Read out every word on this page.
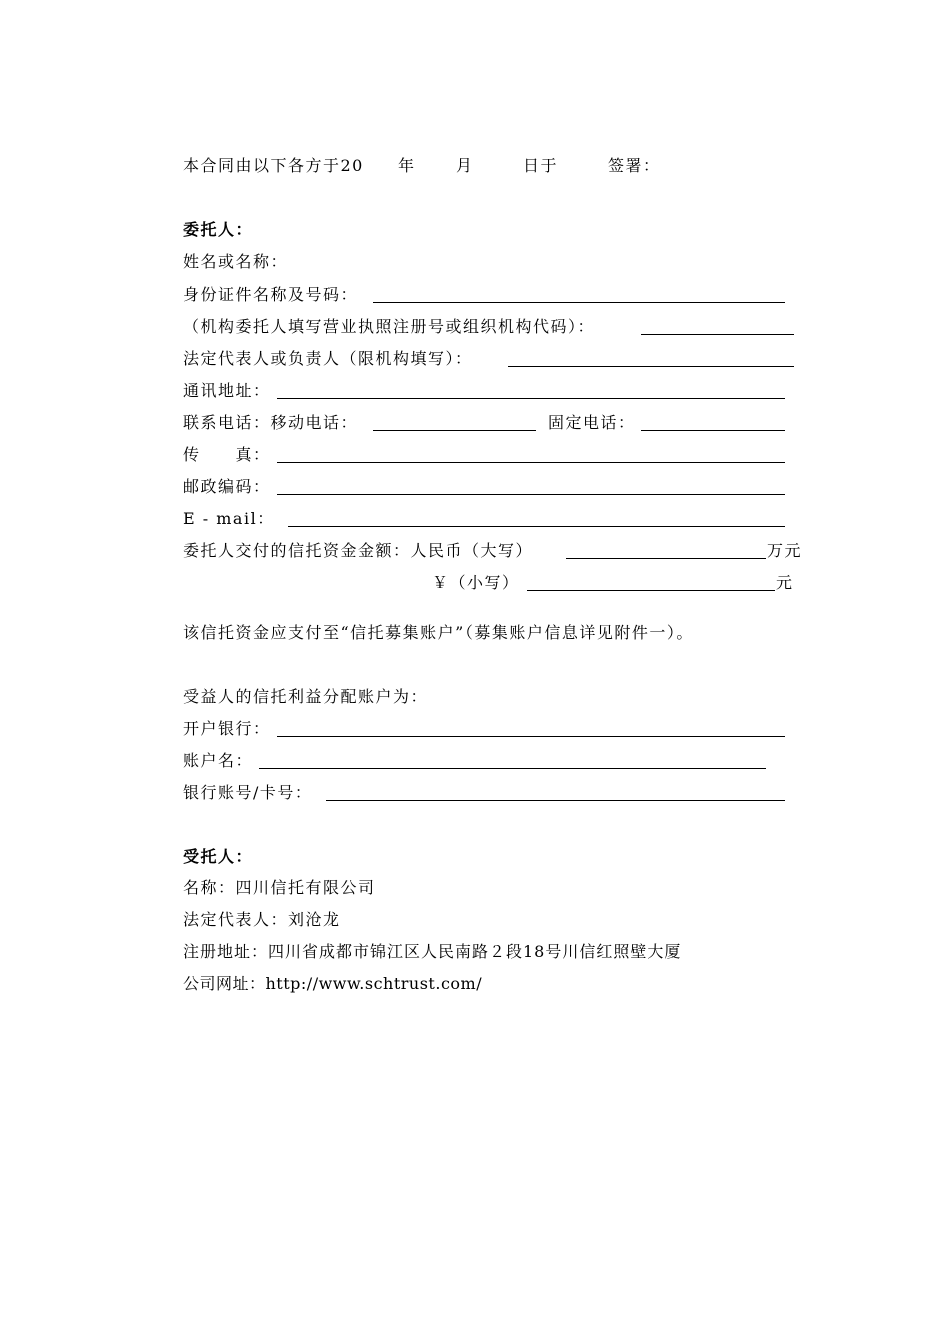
本合同由以下各方于20 年	月	日于	签署：
委托人：
姓名或名称：
身份证件名称及号码：
（机构委托人填写营业执照注册号或组织机构代码）：
法定代表人或负责人（限机构填写）：
通讯地址：
联系电话：移动电话：	固定电话：
传　　真：
邮政编码：
E - mail：
委托人交付的信托资金金额：人民币（大写）	万元
￥（小写）	元
该信托资金应支付至“信托募集账户”（募集账户信息详见附件一）。
受益人的信托利益分配账户为：
开户银行：
账户名：
银行账号/卡号：
受托人：
名称：四川信托有限公司
法定代表人：刘沧龙
注册地址：四川省成都市锦江区人民南路２段18号川信红照壁大厦
公司网址：http://www.schtrust.com/
